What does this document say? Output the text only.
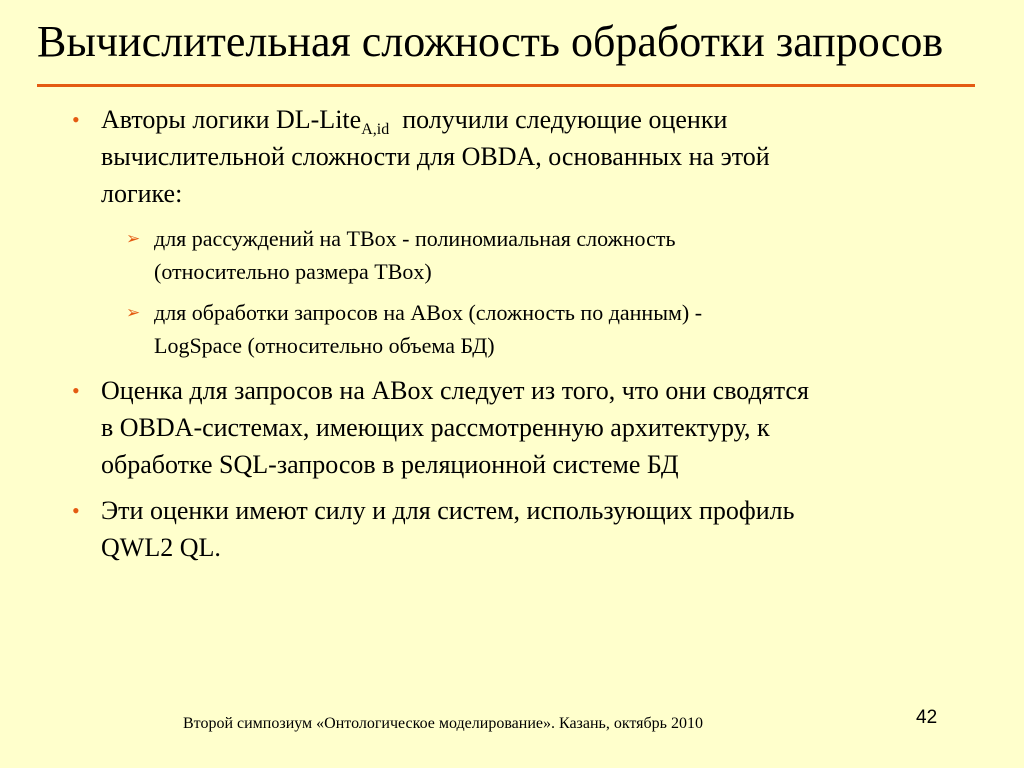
Вычислительная сложность обработки запросов
• Авторы логики DL-Lite$_{A,id}$  получили следующие оценки
вычислительной сложности для OBDA, основанных на этой
логике:
➢ для рассуждений на TBox - полиномиальная сложность
(относительно размера TBox)
➢ для обработки запросов на ABox (сложность по данным) -
LogSpace (относительно объема БД)
• Оценка для запросов на ABox следует из того, что они сводятся
в OBDA-системах, имеющих рассмотренную архитектуру, к
обработке SQL-запросов в реляционной системе БД
• Эти оценки имеют силу и для систем, использующих профиль
QWL2 QL.
Второй симпозиум «Онтологическое моделирование». Казань, октябрь 2010	42
